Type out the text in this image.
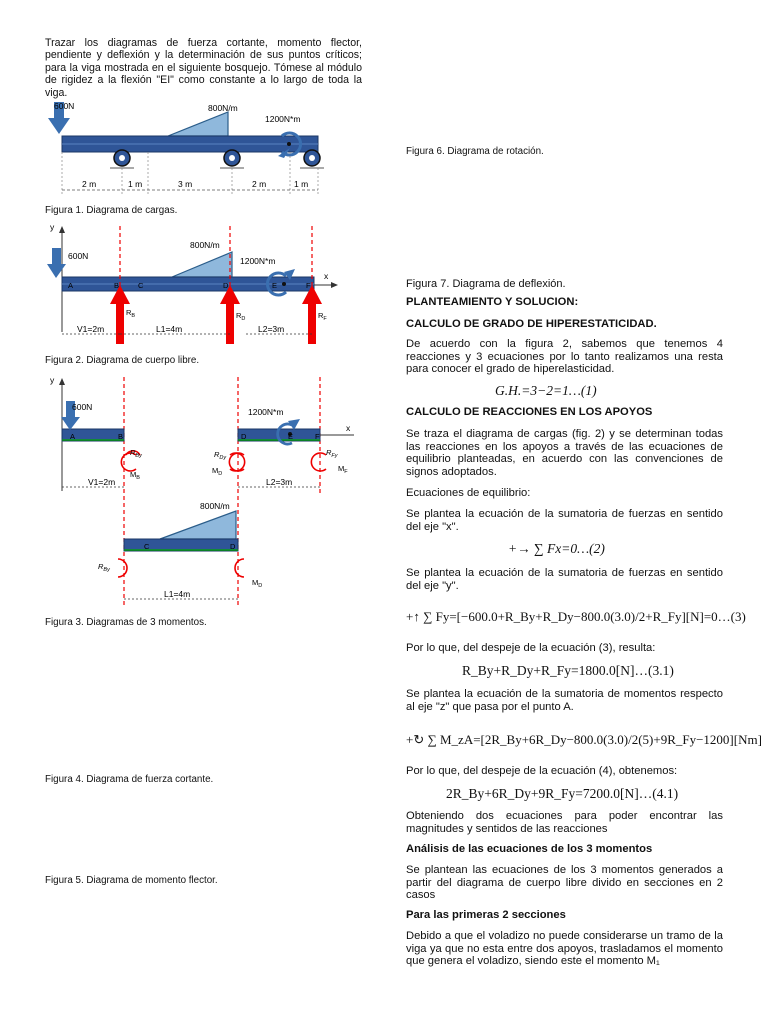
Trazar los diagramas de fuerza cortante, momento flector, pendiente y deflexión y la determinación de sus puntos críticos; para la viga mostrada en el siguiente bosquejo. Tómese al módulo de rigidez a la flexión "EI" como constante a lo largo de toda la viga.

600N	800N/m
1200N*m
2 m	1 m	3 m	2 m	1 m
Figura 1. Diagrama de cargas.
y
x
600N
800N/m
1200N*m
A	B	C	D	E	F
$R_B$	$R_D$	$R_F$
V1=2m	L1=4m	L2=3m
Figura 2. Diagrama de cuerpo libre.
y
x
600N	1200N*m
800N/m
A	B	D	E	F
C	D
$R_{By}$	$R_{Dy}$
$R_{Fy}$
$R_{By}$
$M_B$
$M_D$
$M_F$
$M_D$
V1=2m	L2=3m
L1=4m
Figura 3. Diagramas de 3 momentos.
Figura 4. Diagrama de fuerza cortante.
Figura 5. Diagrama de momento flector.
Figura 6. Diagrama de rotación.
Figura 7. Diagrama de deflexión.
PLANTEAMIENTO Y SOLUCION:
CALCULO DE GRADO DE HIPERESTATICIDAD.

De acuerdo con la figura 2, sabemos que tenemos 4 reacciones y 3 ecuaciones por lo tanto realizamos una resta para conocer el grado de hiperelasticidad.

G.H.=3−2=1…(1)
CALCULO DE REACCIONES EN LOS APOYOS

Se traza el diagrama de cargas (fig. 2) y se determinan todas las reacciones en los apoyos a través de las ecuaciones de equilibrio planteadas, en acuerdo con las convenciones de signos adoptados.

Ecuaciones de equilibrio:

Se plantea la ecuación de la sumatoria de fuerzas en sentido del eje "x".

+→ ∑ Fx=0…(2)

Se plantea la ecuación de la sumatoria de fuerzas en sentido del eje "y".

+↑ ∑ Fy=[−600.0+R_By+R_Dy−800.0(3.0)/2+R_Fy][N]=0…(3)
Por lo que, del despeje de la ecuación (3), resulta:
R_By+R_Dy+R_Fy=1800.0[N]…(3.1)

Se plantea la ecuación de la sumatoria de momentos respecto al eje "z" que pasa por el punto A.

+↻ ∑ M_zA=[2R_By+6R_Dy−800.0(3.0)/2(5)+9R_Fy−1200][Nm]
Por lo que, del despeje de la ecuación (4), obtenemos:
2R_By+6R_Dy+9R_Fy=7200.0[N]…(4.1)

Obteniendo dos ecuaciones para poder encontrar las magnitudes y sentidos de las reacciones

Análisis de las ecuaciones de los 3 momentos

Se plantean las ecuaciones de los 3 momentos generados a partir del diagrama de cuerpo libre divido en secciones en 2 casos

Para las primeras 2 secciones

Debido a que el voladizo no puede considerarse un tramo de la viga ya que no esta entre dos apoyos, trasladamos el momento que genera el voladizo, siendo este el momento M₁
